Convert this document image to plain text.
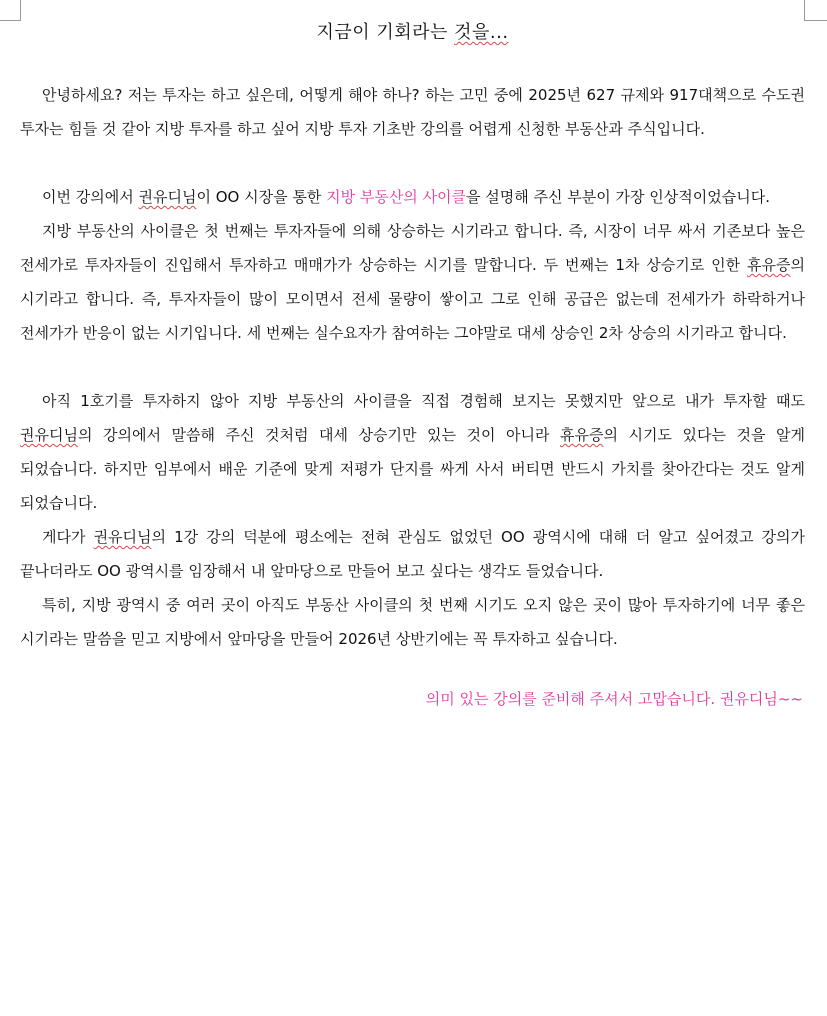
지금이 기회라는 것을...

안녕하세요? 저는 투자는 하고 싶은데, 어떻게 해야 하나? 하는 고민 중에 2025년 627 규제와 917대책으로 수도권 투자는 힘들 것 같아 지방 투자를 하고 싶어 지방 투자 기초반 강의를 어렵게 신청한 부동산과 주식입니다.

이번 강의에서 권유디님이 OO 시장을 통한 지방 부동산의 사이클을 설명해 주신 부분이 가장 인상적이었습니다.

지방 부동산의 사이클은 첫 번째는 투자자들에 의해 상승하는 시기라고 합니다. 즉, 시장이 너무 싸서 기존보다 높은 전세가로 투자자들이 진입해서 투자하고 매매가가 상승하는 시기를 말합니다. 두 번째는 1차 상승기로 인한 휴유증의 시기라고 합니다. 즉, 투자자들이 많이 모이면서 전세 물량이 쌓이고 그로 인해 공급은 없는데 전세가가 하락하거나 전세가가 반응이 없는 시기입니다. 세 번째는 실수요자가 참여하는 그야말로 대세 상승인 2차 상승의 시기라고 합니다.

아직 1호기를 투자하지 않아 지방 부동산의 사이클을 직접 경험해 보지는 못했지만 앞으로 내가 투자할 때도 권유디님의 강의에서 말씀해 주신 것처럼 대세 상승기만 있는 것이 아니라 휴유증의 시기도 있다는 것을 알게 되었습니다. 하지만 임부에서 배운 기준에 맞게 저평가 단지를 싸게 사서 버티면 반드시 가치를 찾아간다는 것도 알게 되었습니다.

게다가 권유디님의 1강 강의 덕분에 평소에는 전혀 관심도 없었던 OO 광역시에 대해 더 알고 싶어졌고 강의가 끝나더라도 OO 광역시를 임장해서 내 앞마당으로 만들어 보고 싶다는 생각도 들었습니다.

특히, 지방 광역시 중 여러 곳이 아직도 부동산 사이클의 첫 번째 시기도 오지 않은 곳이 많아 투자하기에 너무 좋은 시기라는 말씀을 믿고 지방에서 앞마당을 만들어 2026년 상반기에는 꼭 투자하고 싶습니다.

의미 있는 강의를 준비해 주셔서 고맙습니다. 권유디님~~
